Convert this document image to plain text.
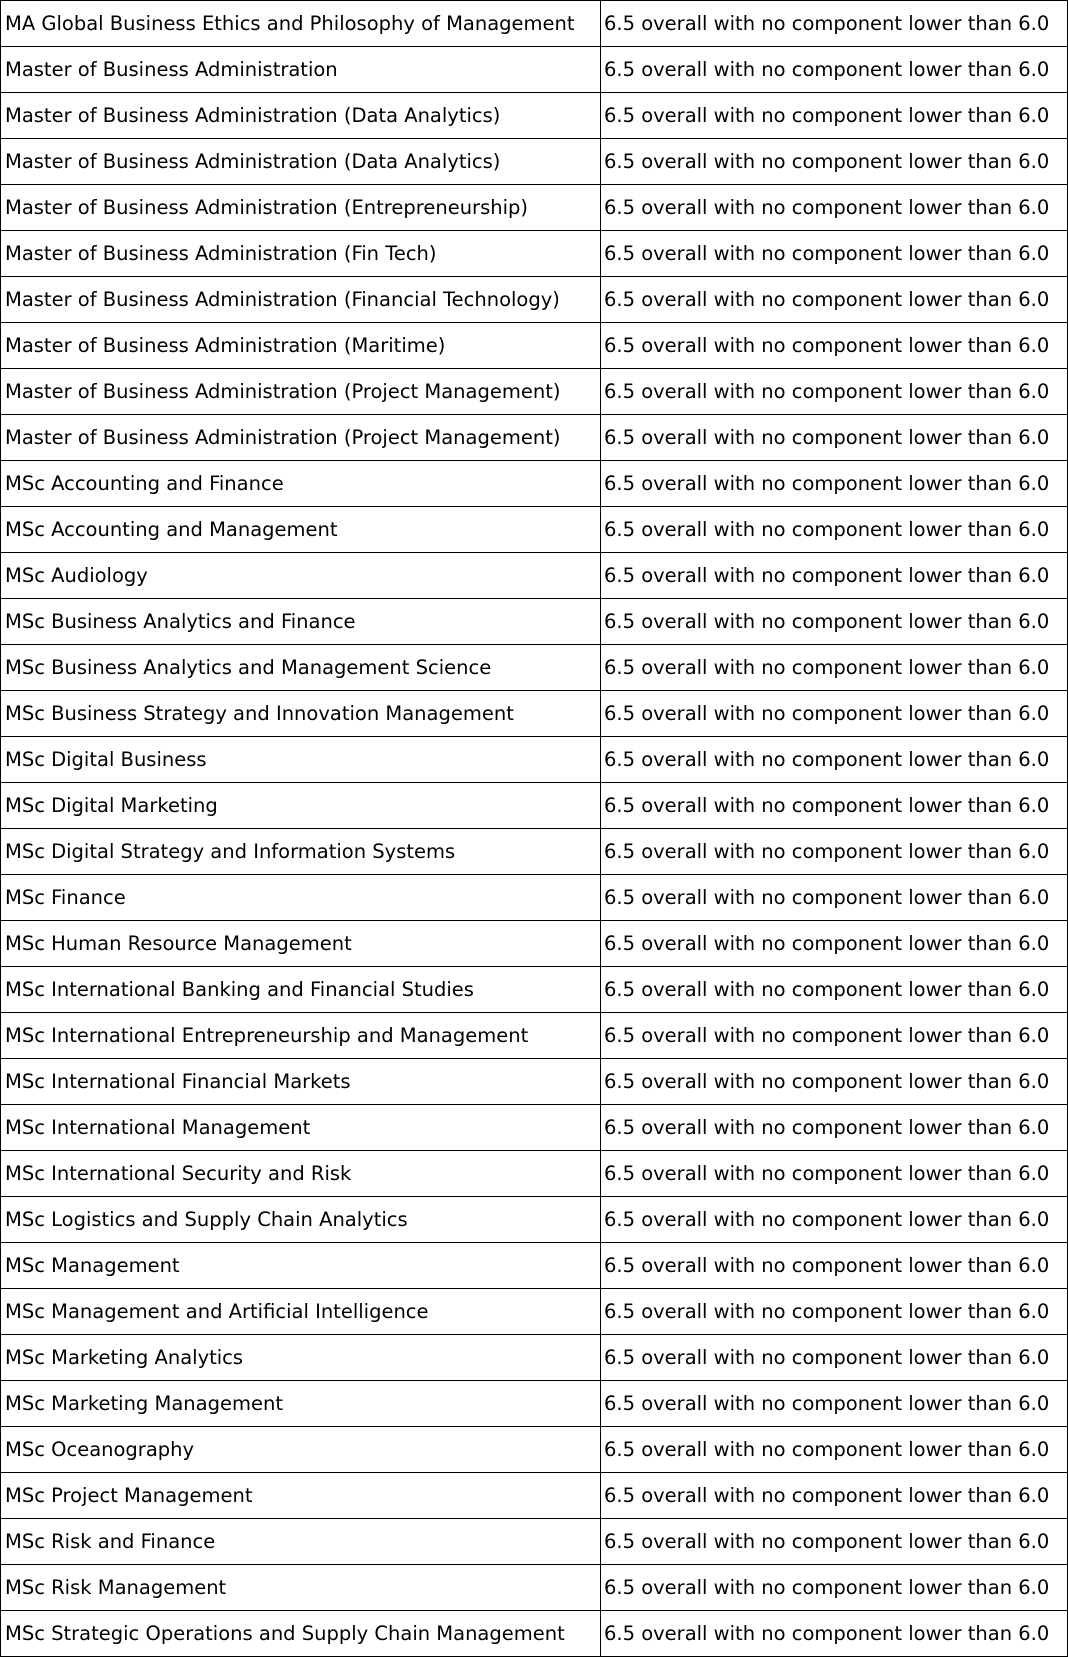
MA Global Business Ethics and Philosophy of Management	6.5 overall with no component lower than 6.0
Master of Business Administration	6.5 overall with no component lower than 6.0
Master of Business Administration (Data Analytics)	6.5 overall with no component lower than 6.0
Master of Business Administration (Data Analytics)	6.5 overall with no component lower than 6.0
Master of Business Administration (Entrepreneurship)	6.5 overall with no component lower than 6.0
Master of Business Administration (Fin Tech)	6.5 overall with no component lower than 6.0
Master of Business Administration (Financial Technology)	6.5 overall with no component lower than 6.0
Master of Business Administration (Maritime)	6.5 overall with no component lower than 6.0
Master of Business Administration (Project Management)	6.5 overall with no component lower than 6.0
Master of Business Administration (Project Management)	6.5 overall with no component lower than 6.0
MSc Accounting and Finance	6.5 overall with no component lower than 6.0
MSc Accounting and Management	6.5 overall with no component lower than 6.0
MSc Audiology	6.5 overall with no component lower than 6.0
MSc Business Analytics and Finance	6.5 overall with no component lower than 6.0
MSc Business Analytics and Management Science	6.5 overall with no component lower than 6.0
MSc Business Strategy and Innovation Management	6.5 overall with no component lower than 6.0
MSc Digital Business	6.5 overall with no component lower than 6.0
MSc Digital Marketing	6.5 overall with no component lower than 6.0
MSc Digital Strategy and Information Systems	6.5 overall with no component lower than 6.0
MSc Finance	6.5 overall with no component lower than 6.0
MSc Human Resource Management	6.5 overall with no component lower than 6.0
MSc International Banking and Financial Studies	6.5 overall with no component lower than 6.0
MSc International Entrepreneurship and Management	6.5 overall with no component lower than 6.0
MSc International Financial Markets	6.5 overall with no component lower than 6.0
MSc International Management	6.5 overall with no component lower than 6.0
MSc International Security and Risk	6.5 overall with no component lower than 6.0
MSc Logistics and Supply Chain Analytics	6.5 overall with no component lower than 6.0
MSc Management	6.5 overall with no component lower than 6.0
MSc Management and Artificial Intelligence	6.5 overall with no component lower than 6.0
MSc Marketing Analytics	6.5 overall with no component lower than 6.0
MSc Marketing Management	6.5 overall with no component lower than 6.0
MSc Oceanography	6.5 overall with no component lower than 6.0
MSc Project Management	6.5 overall with no component lower than 6.0
MSc Risk and Finance	6.5 overall with no component lower than 6.0
MSc Risk Management	6.5 overall with no component lower than 6.0
MSc Strategic Operations and Supply Chain Management	6.5 overall with no component lower than 6.0
